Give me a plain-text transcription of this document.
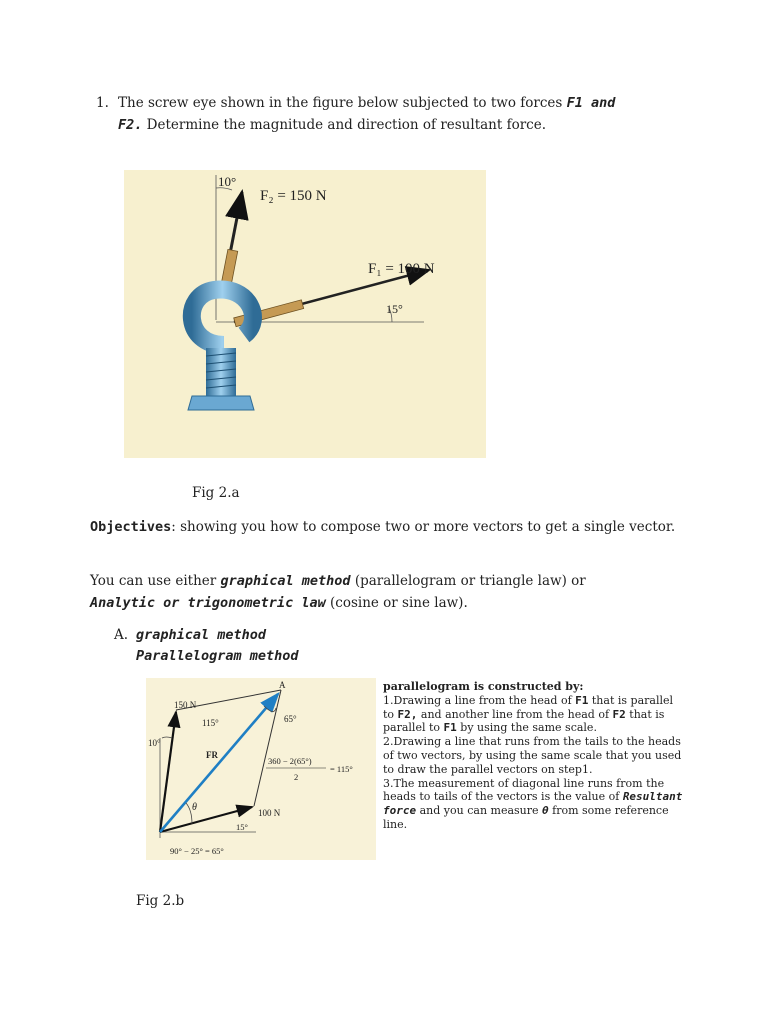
1. The screw eye shown in the figure below subjected to two forces F1 and
F2. Determine the magnitude and direction of resultant force.
10°
15°
F₂ = 150 N
F₁ = 100 N
Fig 2.a
Objectives: showing you how to compose two or more vectors to get a single vector.
You can use either graphical method (parallelogram or triangle law) or
Analytic or trigonometric law (cosine or sine law).
A. graphical method
Parallelogram method
A
150 N
115°	65°
10°
FR
360 − 2(65°)
2
= 115°
θ	100 N
15°
90° − 25° = 65°
parallelogram is constructed by:
1.Drawing a line from the head of F1 that is parallel to F2, and another line from the head of F2 that is parallel to F1 by using the same scale.
2.Drawing a line that runs from the tails to the heads of two vectors, by using the same scale that you used to draw the parallel vectors on step1.
3.The measurement of diagonal line runs from the heads to tails of the vectors is the value of Resultant force and you can measure θ from some reference line.
Fig 2.b
